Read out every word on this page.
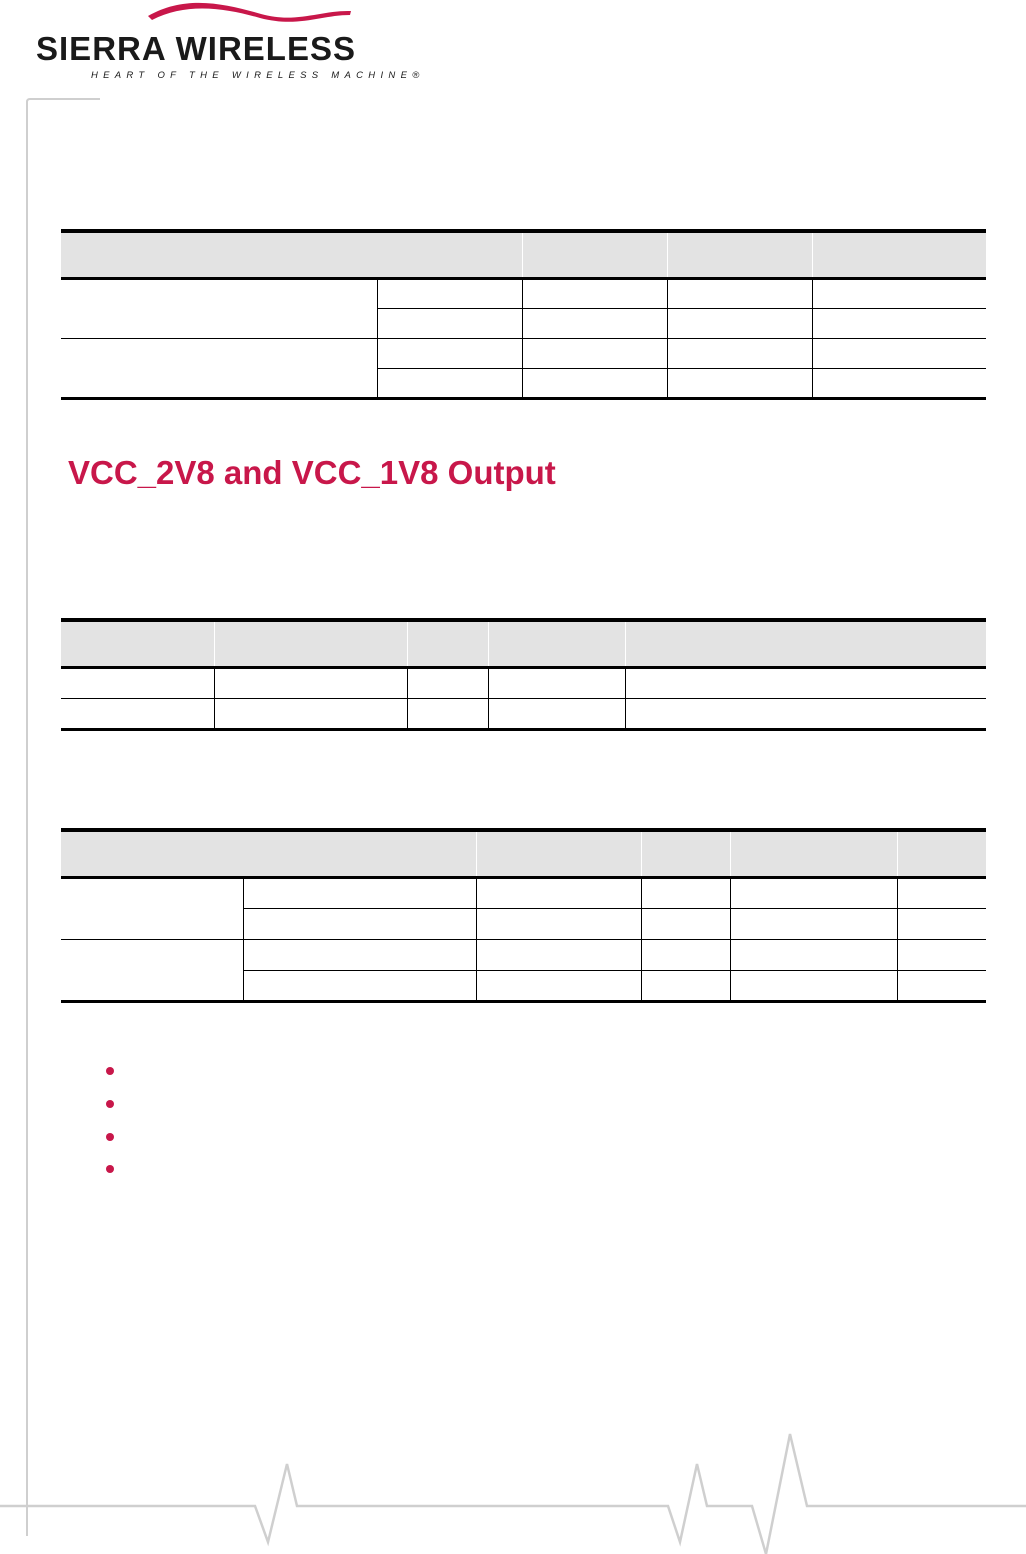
SIERRA WIRELESS
HEART OF THE WIRELESS MACHINE®

VCC_2V8 and VCC_1V8 Output
